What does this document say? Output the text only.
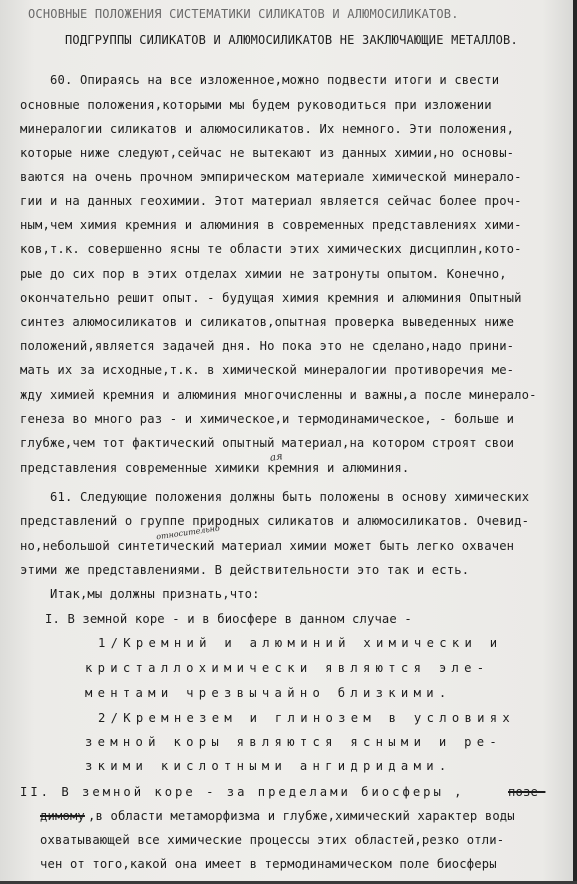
ОСНОВНЫЕ ПОЛОЖЕНИЯ СИСТЕМАТИКИ СИЛИКАТОВ И АЛЮМОСИЛИКАТОВ.
ПОДГРУППЫ СИЛИКАТОВ И АЛЮМОСИЛИКАТОВ НЕ ЗАКЛЮЧАЮЩИЕ МЕТАЛЛОВ.
60. Опираясь на все изложенное,можно подвести итоги и свести
основные положения,которыми мы будем руководиться при изложении
минералогии силикатов и алюмосиликатов. Их немного. Эти положения,
которые ниже следуют,сейчас не вытекают из данных химии,но основы-
ваются на очень прочном эмпирическом материале химической минерало-
гии и на данных геохимии. Этот материал является сейчас более проч-
ным,чем химия кремния и алюминия в современных представлениях хими-
ков,т.к. совершенно ясны те области этих химических дисциплин,кото-
рые до сих пор в этих отделах химии не затронуты опытом. Конечно,
окончательно решит опыт. - будущая химия кремния и алюминия Опытный
синтез алюмосиликатов и силикатов,опытная проверка выведенных ниже
положений,является задачей дня. Но пока это не сделано,надо прини-
мать их за исходные,т.к. в химической минералогии противоречия ме-
жду химией кремния и алюминия многочисленны и важны,а после минерало-
генеза во много раз - и химическое,и термодинамическое, - больше и
глубже,чем тот фактический опытный материал,на котором строят свои
представления современные химики кремния и алюминия.
61. Следующие положения должны быть положены в основу химических
представлений о группе природных силикатов и алюмосиликатов. Очевид-
но,небольшой синтетический материал химии может быть легко охвачен
этими же представлениями. В действительности это так и есть.
Итак,мы должны признать,что:
I. В земной коре - и в биосфере в данном случае -
1/Кремний и алюминий химически и
кристаллохимически являются эле-
ментами чрезвычайно близкими.
2/Кремнезем и глинозем в условиях
земной коры являются ясными и ре-
зкими кислотными ангидридами.
II. В земной коре - за пределами биосферы ,	позе-
димому ,в области метаморфизма и глубже,химический характер воды
охватывающей все химические процессы этих областей,резко отли-
чен от того,какой она имеет в термодинамическом поле биосферы
относительно
ая
